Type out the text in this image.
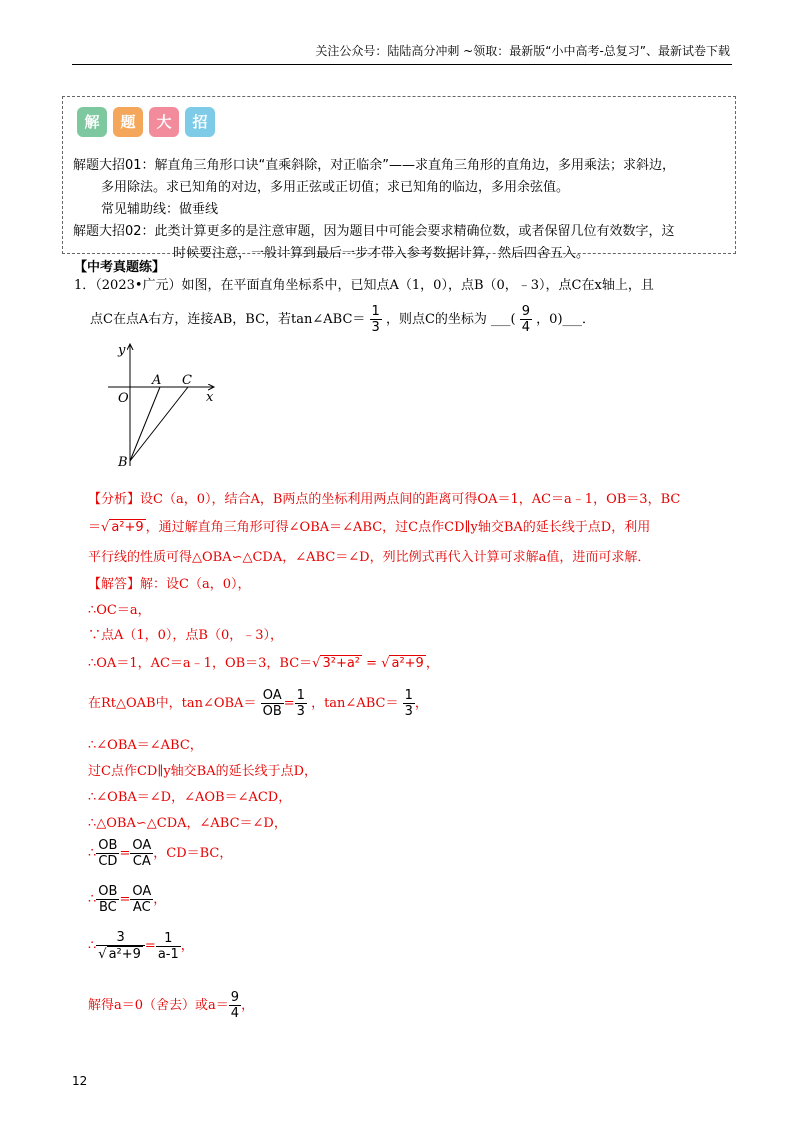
关注公众号：陆陆高分冲刺 ~领取：最新版“小中高考-总复习”、最新试卷下载
解	题	大	招
解题大招01：解直角三角形口诀“直乘斜除，对正临余”——求直角三角形的直角边，多用乘法；求斜边，
多用除法。求已知角的对边，多用正弦或正切值；求已知角的临边，多用余弦值。
常见辅助线：做垂线
解题大招02：此类计算更多的是注意审题，因为题目中可能会要求精确位数，或者保留几位有效数字，这
时候要注意，一般计算到最后一步才带入参考数据计算，然后四舍五入。
【中考真题练】
1．（2023•广元）如图，在平面直角坐标系中，已知点A（1，0），点B（0，﹣3），点C在x轴上，且
点C在点A右方，连接AB，BC，若tan∠ABC＝ $\frac{1}{3}$ ，则点C的坐标为 ___( $\frac{9}{4}$ ，0)___．
y
x
O
A C
B
【分析】设C（a，0），结合A，B两点的坐标利用两点间的距离可得OA＝1，AC＝a﹣1，OB＝3，BC
＝√ a²+9 ，通过解直角三角形可得∠OBA＝∠ABC，过C点作CD∥y轴交BA的延长线于点D，利用
平行线的性质可得△OBA∽△CDA，∠ABC＝∠D，列比例式再代入计算可求解a值，进而可求解．
【解答】解：设C（a，0），
∴OC＝a，
∵点A（1，0），点B（0，﹣3），
∴OA＝1，AC＝a﹣1，OB＝3，BC＝√ 3²+a² = √ a²+9 ，
在Rt△OAB中，tan∠OBA＝ $\frac{OA}{OB} = \frac{1}{3}$ ，tan∠ABC＝ $\frac{1}{3}$ ，
∴∠OBA＝∠ABC，
过C点作CD∥y轴交BA的延长线于点D，
∴∠OBA＝∠D，∠AOB＝∠ACD，
∴△OBA∽△CDA，∠ABC＝∠D，
∴ $\frac{OB}{CD} = \frac{OA}{CA}$ ，CD＝BC，
∴ $\frac{OB}{BC} = \frac{OA}{AC}$ ，
∴ $\frac{3}{\text{√ a²+9}} = \frac{1}{a-1}$ ，
解得a＝0（舍去）或$a= \frac{9}{4}$ ，
12
